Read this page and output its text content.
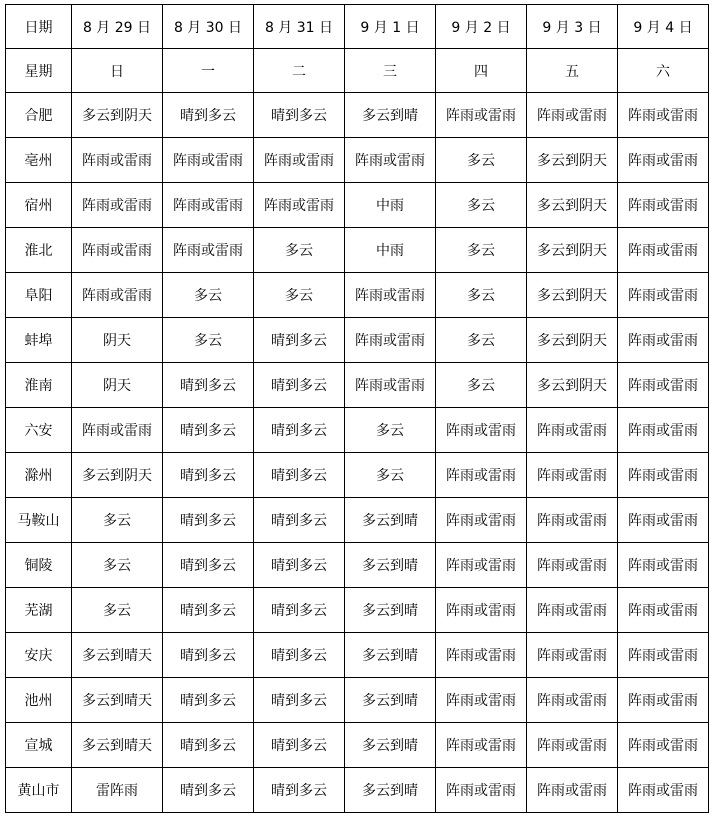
日期	8 月 29 日	8 月 30 日	8 月 31 日	9 月 1 日	9 月 2 日	9 月 3 日	9 月 4 日
星期	日	一	二	三	四	五	六
合肥	多云到阴天	晴到多云	晴到多云	多云到晴	阵雨或雷雨	阵雨或雷雨	阵雨或雷雨
亳州	阵雨或雷雨	阵雨或雷雨	阵雨或雷雨	阵雨或雷雨	多云	多云到阴天	阵雨或雷雨
宿州	阵雨或雷雨	阵雨或雷雨	阵雨或雷雨	中雨	多云	多云到阴天	阵雨或雷雨
淮北	阵雨或雷雨	阵雨或雷雨	多云	中雨	多云	多云到阴天	阵雨或雷雨
阜阳	阵雨或雷雨	多云	多云	阵雨或雷雨	多云	多云到阴天	阵雨或雷雨
蚌埠	阴天	多云	晴到多云	阵雨或雷雨	多云	多云到阴天	阵雨或雷雨
淮南	阴天	晴到多云	晴到多云	阵雨或雷雨	多云	多云到阴天	阵雨或雷雨
六安	阵雨或雷雨	晴到多云	晴到多云	多云	阵雨或雷雨	阵雨或雷雨	阵雨或雷雨
滁州	多云到阴天	晴到多云	晴到多云	多云	阵雨或雷雨	阵雨或雷雨	阵雨或雷雨
马鞍山	多云	晴到多云	晴到多云	多云到晴	阵雨或雷雨	阵雨或雷雨	阵雨或雷雨
铜陵	多云	晴到多云	晴到多云	多云到晴	阵雨或雷雨	阵雨或雷雨	阵雨或雷雨
芜湖	多云	晴到多云	晴到多云	多云到晴	阵雨或雷雨	阵雨或雷雨	阵雨或雷雨
安庆	多云到晴天	晴到多云	晴到多云	多云到晴	阵雨或雷雨	阵雨或雷雨	阵雨或雷雨
池州	多云到晴天	晴到多云	晴到多云	多云到晴	阵雨或雷雨	阵雨或雷雨	阵雨或雷雨
宣城	多云到晴天	晴到多云	晴到多云	多云到晴	阵雨或雷雨	阵雨或雷雨	阵雨或雷雨
黄山市	雷阵雨	晴到多云	晴到多云	多云到晴	阵雨或雷雨	阵雨或雷雨	阵雨或雷雨
